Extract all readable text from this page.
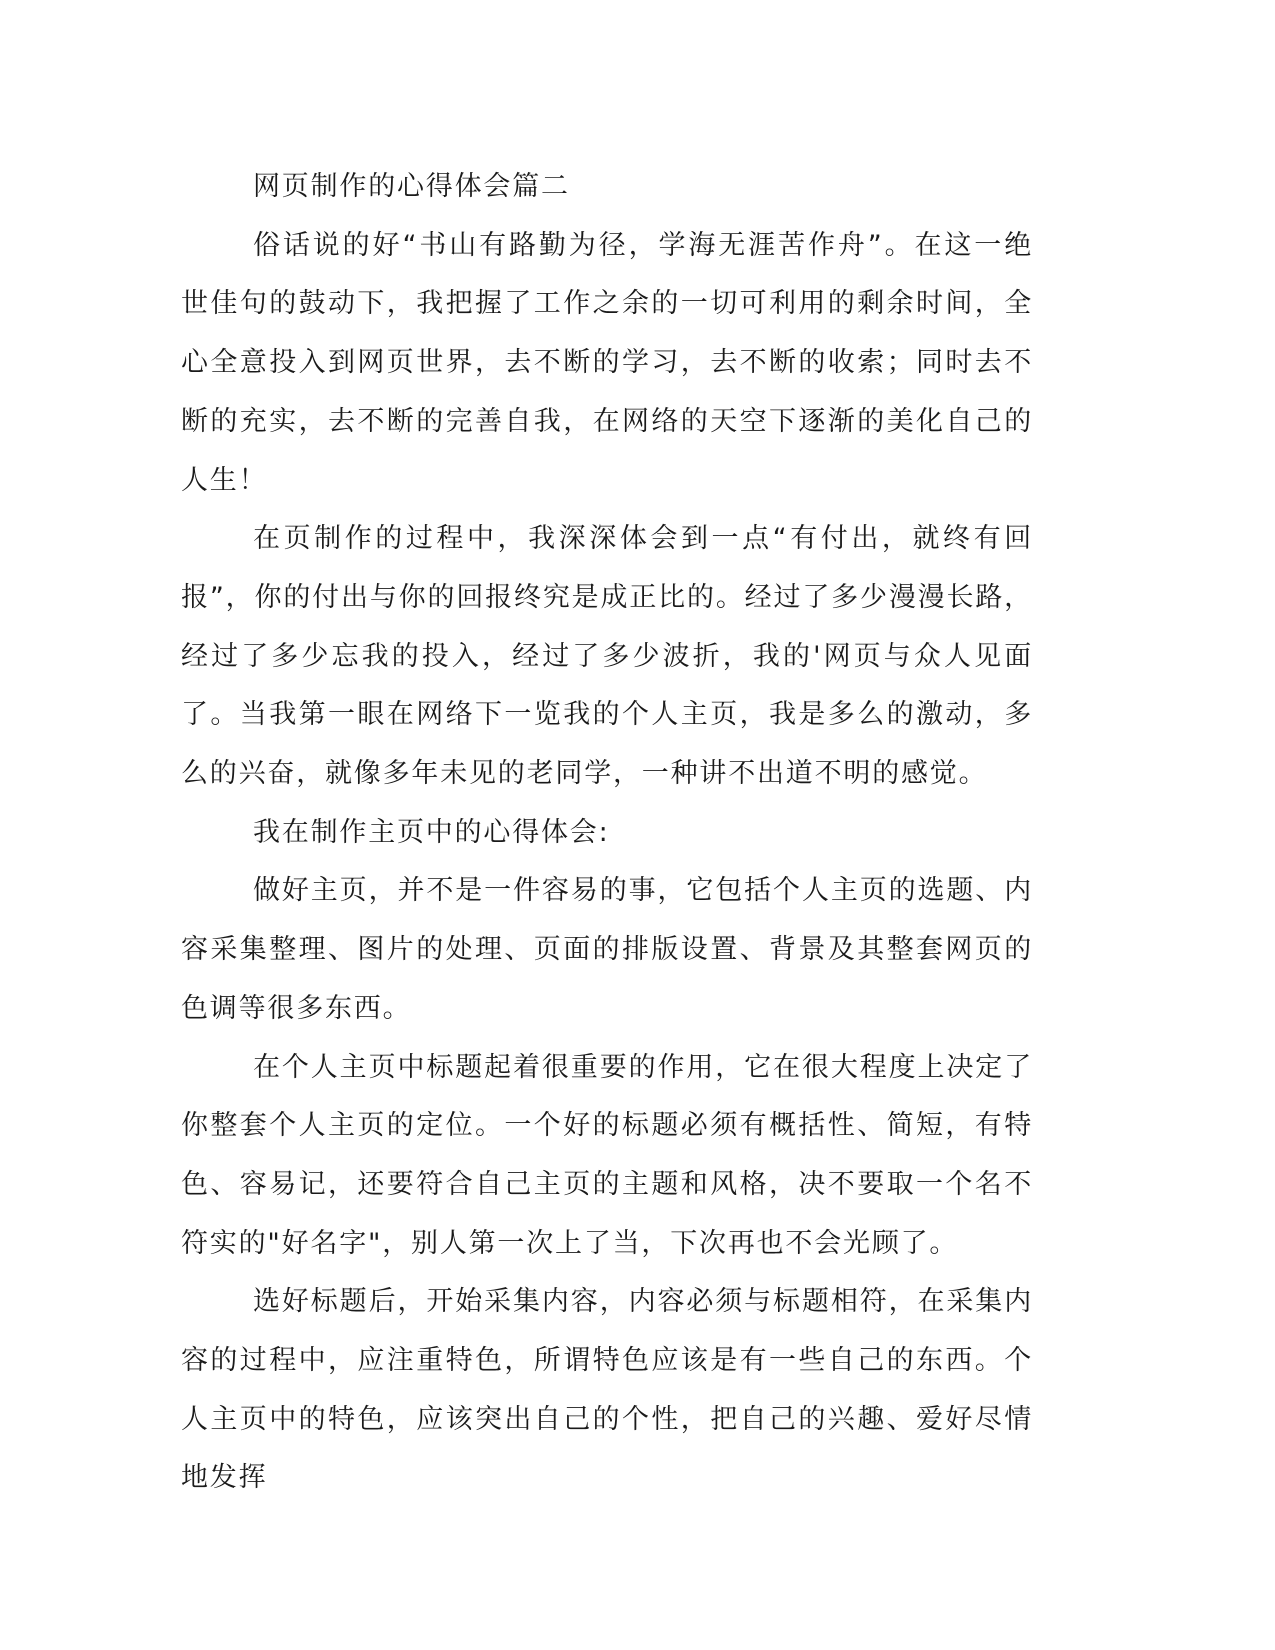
网页制作的心得体会篇二

俗话说的好“书山有路勤为径，学海无涯苦作舟”。在这一绝世佳句的鼓动下，我把握了工作之余的一切可利用的剩余时间，全心全意投入到网页世界，去不断的学习，去不断的收索；同时去不断的充实，去不断的完善自我，在网络的天空下逐渐的美化自己的人生！

在页制作的过程中，我深深体会到一点“有付出，就终有回报”，你的付出与你的回报终究是成正比的。经过了多少漫漫长路，经过了多少忘我的投入，经过了多少波折，我的'网页与众人见面了。当我第一眼在网络下一览我的个人主页，我是多么的激动，多么的兴奋，就像多年未见的老同学，一种讲不出道不明的感觉。

我在制作主页中的心得体会:

做好主页，并不是一件容易的事，它包括个人主页的选题、内容采集整理、图片的处理、页面的排版设置、背景及其整套网页的色调等很多东西。

在个人主页中标题起着很重要的作用，它在很大程度上决定了你整套个人主页的定位。一个好的标题必须有概括性、简短，有特色、容易记，还要符合自己主页的主题和风格，决不要取一个名不符实的"好名字"，别人第一次上了当，下次再也不会光顾了。

选好标题后，开始采集内容，内容必须与标题相符，在采集内容的过程中，应注重特色，所谓特色应该是有一些自己的东西。个人主页中的特色，应该突出自己的个性，把自己的兴趣、爱好尽情地发挥
